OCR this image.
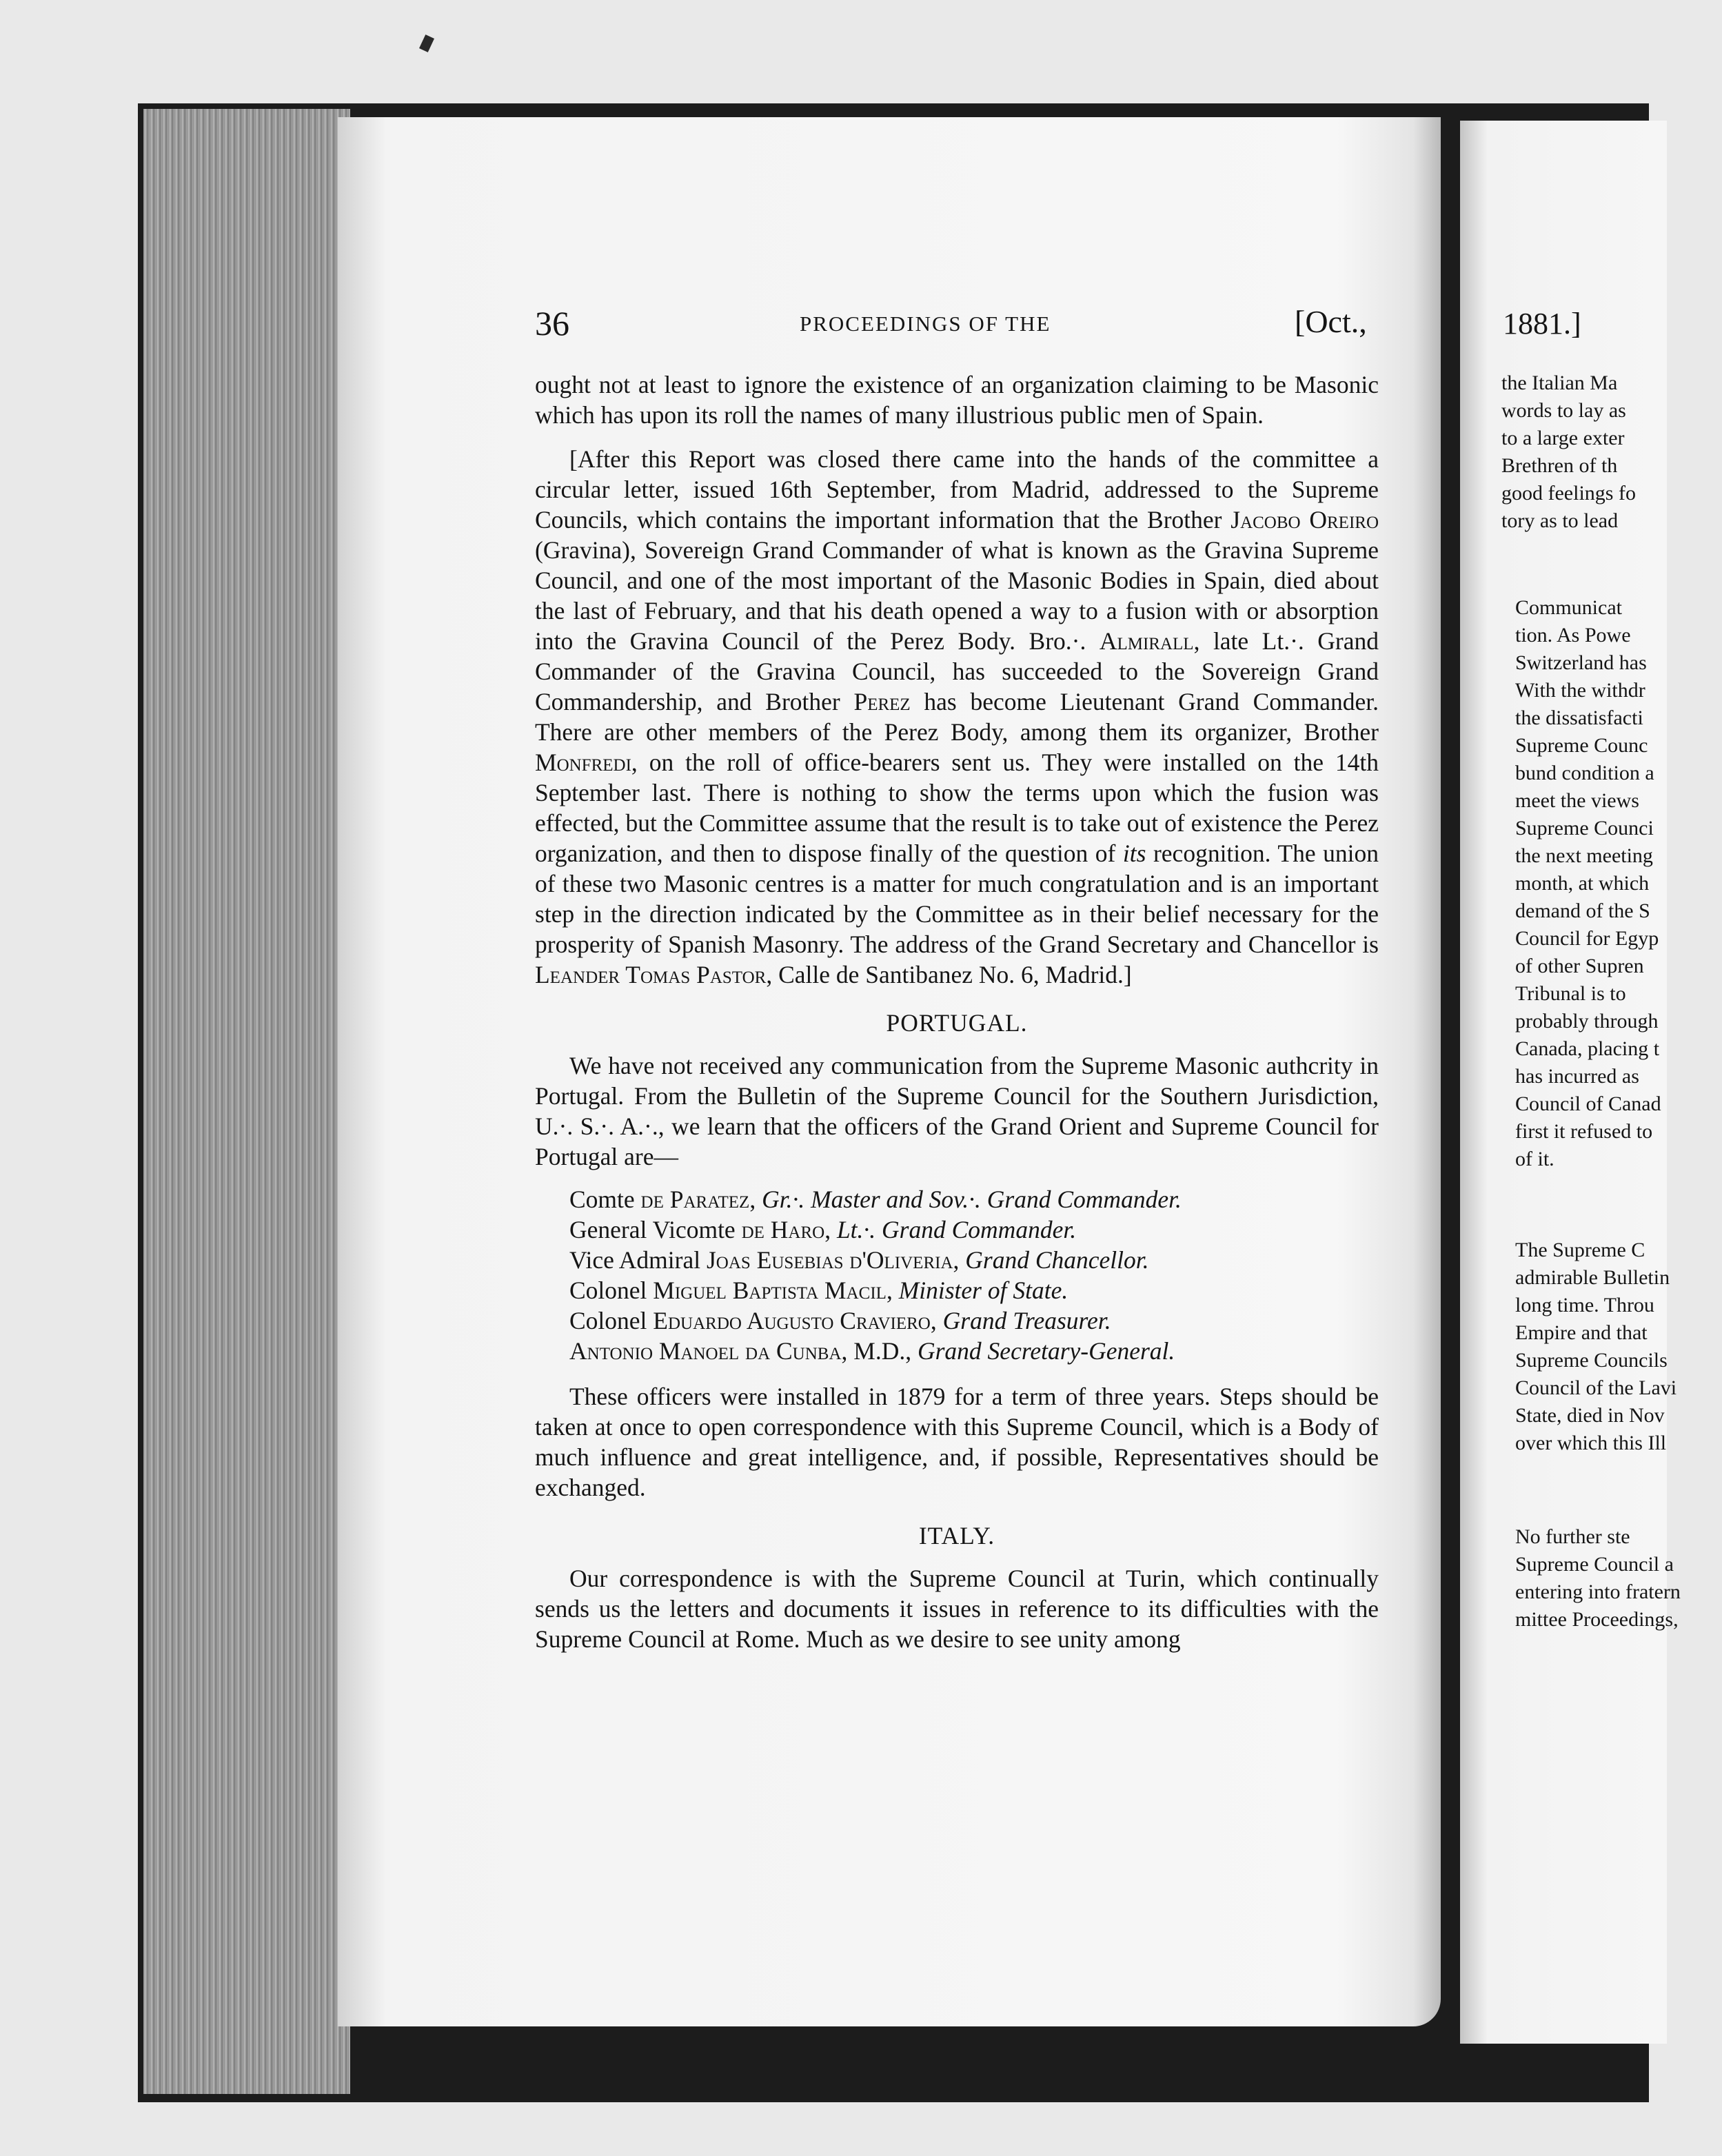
36	PROCEEDINGS OF THE	[Oct.,

ought not at least to ignore the existence of an organization claiming to be Masonic which has upon its roll the names of many illustrious public men of Spain.

[After this Report was closed there came into the hands of the committee a circular letter, issued 16th September, from Madrid, addressed to the Supreme Councils, which contains the important information that the Brother Jacobo Oreiro (Gravina), Sovereign Grand Commander of what is known as the Gravina Supreme Council, and one of the most important of the Masonic Bodies in Spain, died about the last of February, and that his death opened a way to a fusion with or absorption into the Gravina Council of the Perez Body. Bro.·. Almirall, late Lt.·. Grand Commander of the Gravina Council, has succeeded to the Sovereign Grand Commandership, and Brother Perez has become Lieutenant Grand Commander. There are other members of the Perez Body, among them its organizer, Brother Monfredi, on the roll of office-bearers sent us. They were installed on the 14th September last. There is nothing to show the terms upon which the fusion was effected, but the Committee assume that the result is to take out of existence the Perez organization, and then to dispose finally of the question of its recognition. The union of these two Masonic centres is a matter for much congratulation and is an important step in the direction indicated by the Committee as in their belief necessary for the prosperity of Spanish Masonry. The address of the Grand Secretary and Chancellor is Leander Tomas Pastor, Calle de Santibanez No. 6, Madrid.]

PORTUGAL.

We have not received any communication from the Supreme Masonic authcrity in Portugal. From the Bulletin of the Supreme Council for the Southern Jurisdiction, U.·. S.·. A.·., we learn that the officers of the Grand Orient and Supreme Council for Portugal are—

Comte de Paratez, Gr.·. Master and Sov.·. Grand Commander.
General Vicomte de Haro, Lt.·. Grand Commander.
Vice Admiral Joas Eusebias d'Oliveria, Grand Chancellor.
Colonel Miguel Baptista Macil, Minister of State.
Colonel Eduardo Augusto Craviero, Grand Treasurer.
Antonio Manoel da Cunba, M.D., Grand Secretary-General.

These officers were installed in 1879 for a term of three years. Steps should be taken at once to open correspondence with this Supreme Council, which is a Body of much influence and great intelligence, and, if possible, Representatives should be exchanged.

ITALY.

Our correspondence is with the Supreme Council at Turin, which continually sends us the letters and documents it issues in reference to its difficulties with the Supreme Council at Rome. Much as we desire to see unity among

1881.]
the Italian Ma
words to lay as
to a large exter
Brethren of th
good feelings fo
tory as to lead
Communicat
tion. As Powe
Switzerland has
With the withdr
the dissatisfacti
Supreme Counc
bund condition a
meet the views
Supreme Counci
the next meeting
month, at which
demand of the S
Council for Egyp
of other Supren
Tribunal is to
probably through
Canada, placing t
has incurred as
Council of Canad
first it refused to
of it.
The Supreme C
admirable Bulletin
long time. Throu
Empire and that
Supreme Councils
Council of the Lavi
State, died in Nov
over which this Ill
No further ste
Supreme Council a
entering into fratern
mittee Proceedings,
